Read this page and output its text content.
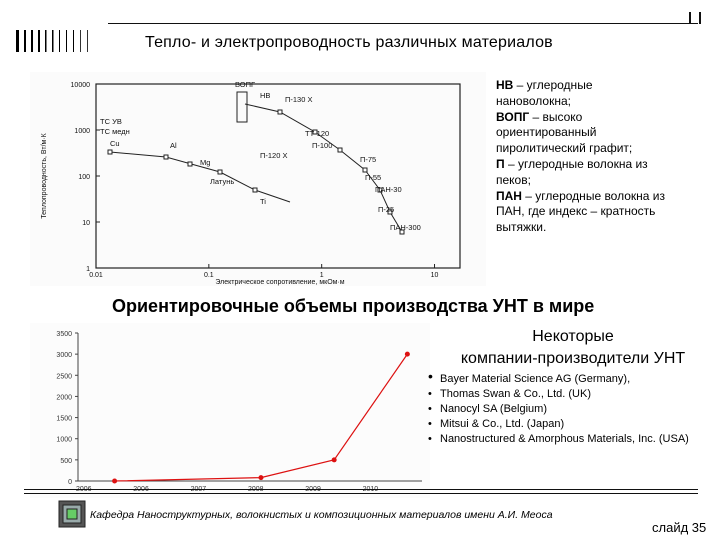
Тепло- и электропроводность различных материалов
10000
1000
100
10
1
0.01	0.1	1	10
Электрическое сопротивление, мкОм·м
Теплопроводность, Вт/м·К
ВОПГ
НВ П-130 X
ТС УВ
ТС медн
Cu	Al
Mg
Латунь
Ti
ТТ-120
П-100
П-120 X	П-75
П-55
ПАН-30
П-25
ПАН-300
НВ – углеродные нановолокна;
ВОПГ – высоко ориентированный пиролитический графит;
П – углеродные волокна из пеков;
ПАН – углеродные волокна из ПАН, где индекс – кратность вытяжки.
Ориентировочные объемы производства УНТ в мире
0
500
1000
1500
2000
2500
3000
3500	Некоторые
компании-производители УНТ
• Bayer Material Science AG (Germany),
• Thomas Swan & Co., Ltd. (UK)
• Nanocyl SA (Belgium)
• Mitsui & Co., Ltd. (Japan)
• Nanostructured & Amorphous Materials, Inc. (USA)
Кафедра Наноструктурных, волокнистых и композиционных материалов имени А.И. Меоса
слайд 35
